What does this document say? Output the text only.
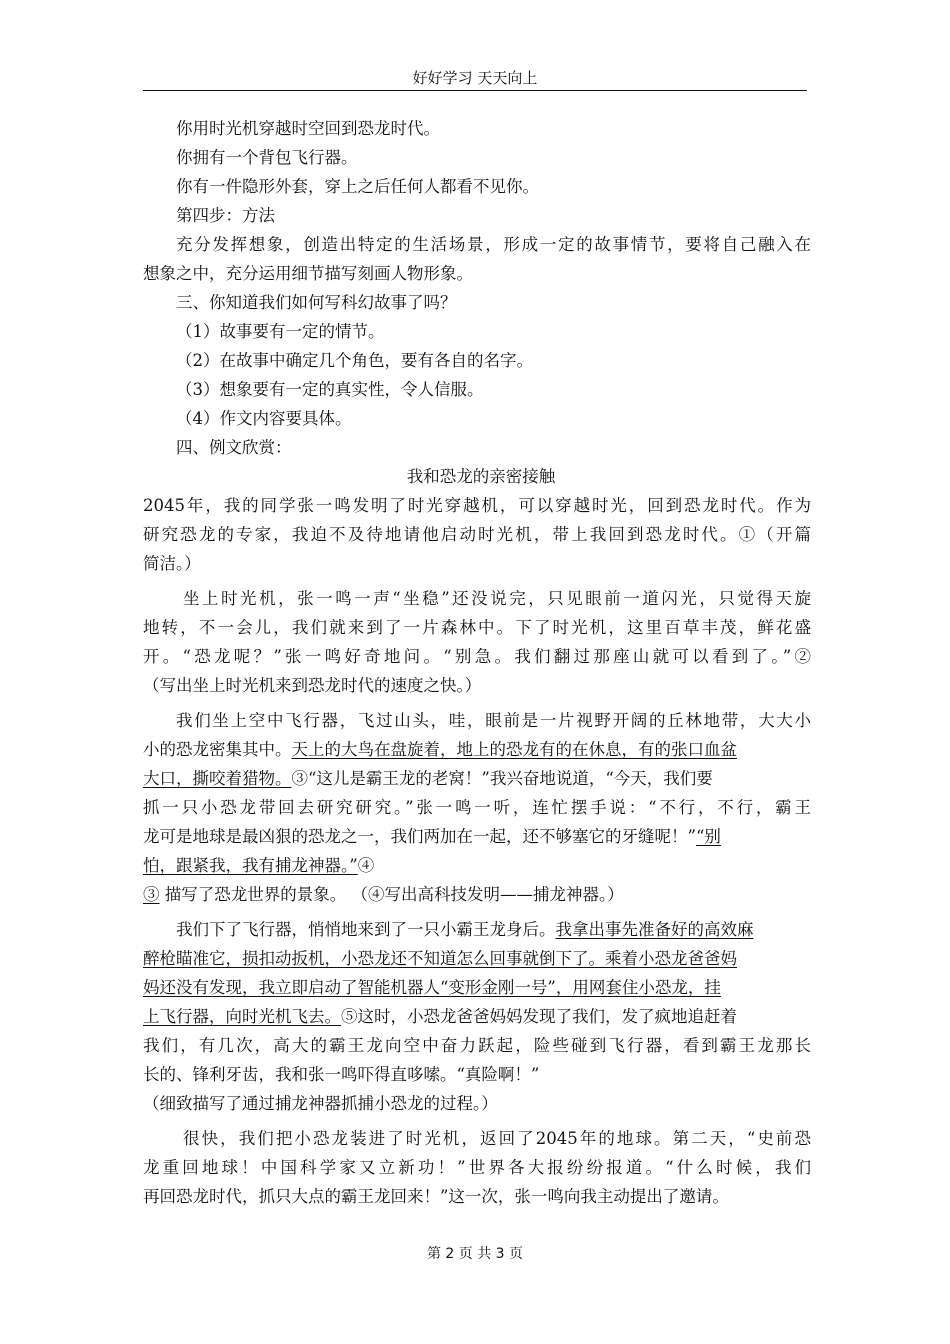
好好学习 天天向上
你用时光机穿越时空回到恐龙时代。
你拥有一个背包飞行器。
你有一件隐形外套，穿上之后任何人都看不见你。
第四步：方法
充分发挥想象，创造出特定的生活场景，形成一定的故事情节，要将自己融入在
想象之中，充分运用细节描写刻画人物形象。
三、你知道我们如何写科幻故事了吗？
（1）故事要有一定的情节。
（2）在故事中确定几个角色，要有各自的名字。
（3）想象要有一定的真实性，令人信服。
（4）作文内容要具体。
四、例文欣赏：
我和恐龙的亲密接触
2045年，我的同学张一鸣发明了时光穿越机，可以穿越时光，回到恐龙时代。作为
研究恐龙的专家，我迫不及待地请他启动时光机，带上我回到恐龙时代。①（开篇
简洁。）
坐上时光机，张一鸣一声“坐稳”还没说完，只见眼前一道闪光，只觉得天旋
地转，不一会儿，我们就来到了一片森林中。下了时光机，这里百草丰茂，鲜花盛
开。“恐龙呢？”张一鸣好奇地问。“别急。我们翻过那座山就可以看到了。”②
（写出坐上时光机来到恐龙时代的速度之快。）
我们坐上空中飞行器，飞过山头，哇，眼前是一片视野开阔的丘林地带，大大小
小的恐龙密集其中。天上的大鸟在盘旋着，地上的恐龙有的在休息，有的张口血盆
大口，撕咬着猎物。③“这儿是霸王龙的老窝！”我兴奋地说道，“今天，我们要
抓一只小恐龙带回去研究研究。”张一鸣一听，连忙摆手说：“不行，不行，霸王
龙可是地球是最凶狠的恐龙之一，我们两加在一起，还不够塞它的牙缝呢！”“别
怕，跟紧我，我有捕龙神器。”④
③ 描写了恐龙世界的景象。 （④写出高科技发明——捕龙神器。）
我们下了飞行器，悄悄地来到了一只小霸王龙身后。我拿出事先准备好的高效麻
醉枪瞄准它，损扣动扳机，小恐龙还不知道怎么回事就倒下了。乘着小恐龙爸爸妈
妈还没有发现，我立即启动了智能机器人“变形金刚一号”，用网套住小恐龙，挂
上飞行器，向时光机飞去。⑤这时，小恐龙爸爸妈妈发现了我们，发了疯地追赶着
我们，有几次，高大的霸王龙向空中奋力跃起，险些碰到飞行器，看到霸王龙那长
长的、锋利牙齿，我和张一鸣吓得直哆嗦。“真险啊！”
（细致描写了通过捕龙神器抓捕小恐龙的过程。）
很快，我们把小恐龙装进了时光机，返回了2045年的地球。第二天，“史前恐
龙重回地球！中国科学家又立新功！”世界各大报纷纷报道。“什么时候，我们
再回恐龙时代，抓只大点的霸王龙回来！”这一次，张一鸣向我主动提出了邀请。
第 2 页 共 3 页
